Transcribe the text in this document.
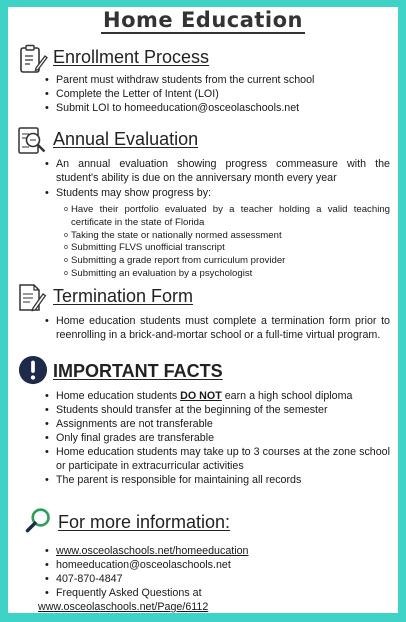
Home Education
Enrollment Process
• Parent must withdraw students from the current school
• Complete the Letter of Intent (LOI)
• Submit LOI to homeeducation@osceolaschools.net
Annual Evaluation
• An annual evaluation showing progress commeasure with the student's ability is due on the anniversary month every year
• Students may show progress by:
o Have their portfolio evaluated by a teacher holding a valid teaching certificate in the state of Florida
o Taking the state or nationally normed assessment
o Submitting FLVS unofficial transcript
o Submitting a grade report from curriculum provider
o Submitting an evaluation by a psychologist
Termination Form
• Home education students must complete a termination form prior to reenrolling in a brick-and-mortar school or a full-time virtual program.
IMPORTANT FACTS
• Home education students DO NOT earn a high school diploma
• Students should transfer at the beginning of the semester
• Assignments are not transferable
• Only final grades are transferable
• Home education students may take up to 3 courses at the zone school or participate in extracurricular activities
• The parent is responsible for maintaining all records
For more information:
• www.osceolaschools.net/homeeducation
• homeeducation@osceolaschools.net
• 407-870-4847
• Frequently Asked Questions at
www.osceolaschools.net/Page/6112
